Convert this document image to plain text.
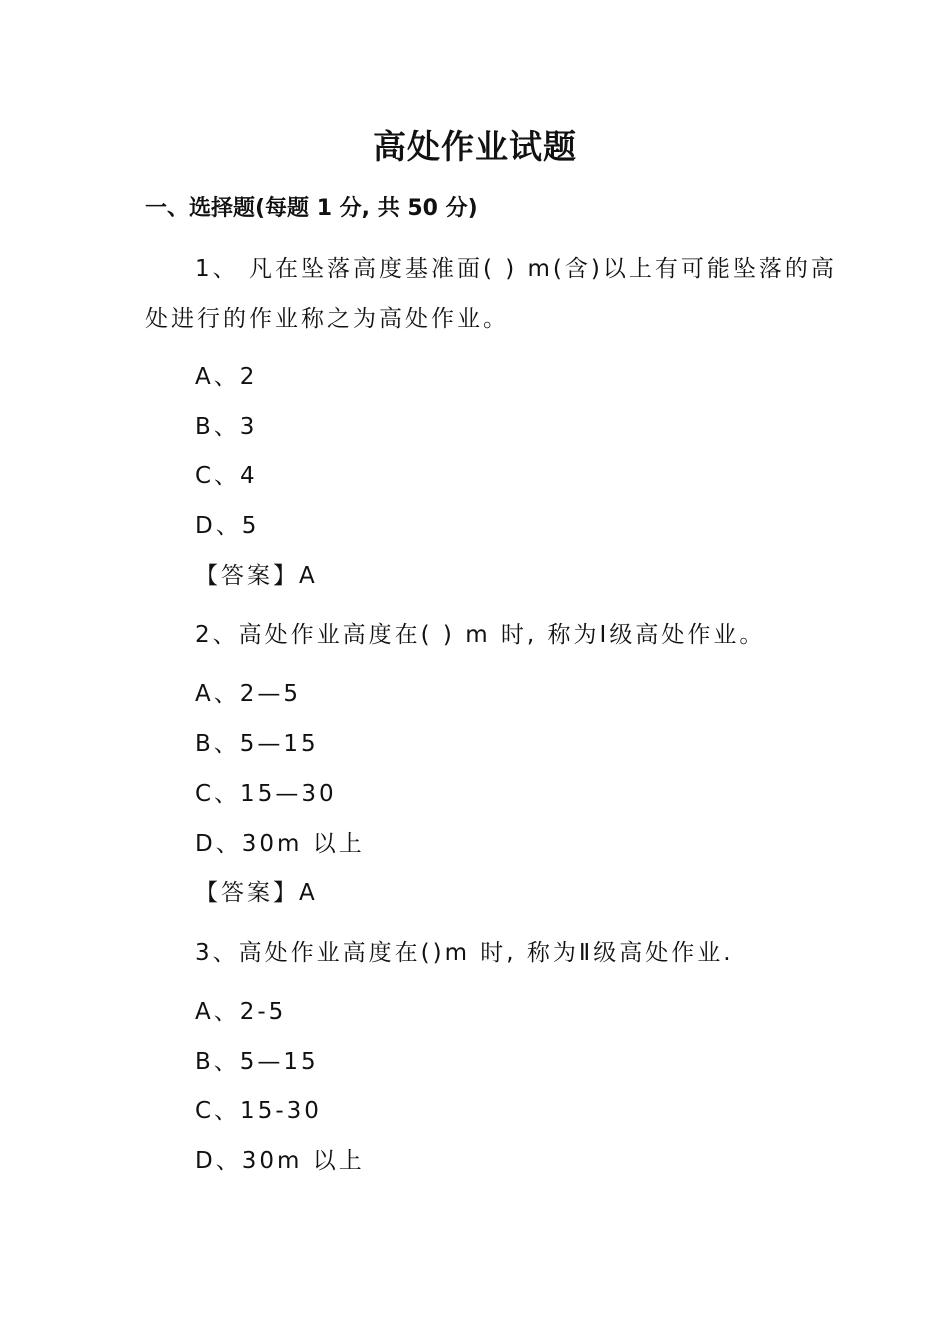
高处作业试题
一、选择题(每题 1 分, 共 50 分)
1、 凡在坠落高度基准面( ) m(含)以上有可能坠落的高
处进行的作业称之为高处作业。
A、2
B、3
C、4
D、5
【答案】A
2、高处作业高度在( ) m 时, 称为Ⅰ级高处作业。
A、2—5
B、5—15
C、15—30
D、30m 以上
【答案】A
3、高处作业高度在()m 时, 称为Ⅱ级高处作业.
A、2-5
B、5—15
C、15-30
D、30m 以上
